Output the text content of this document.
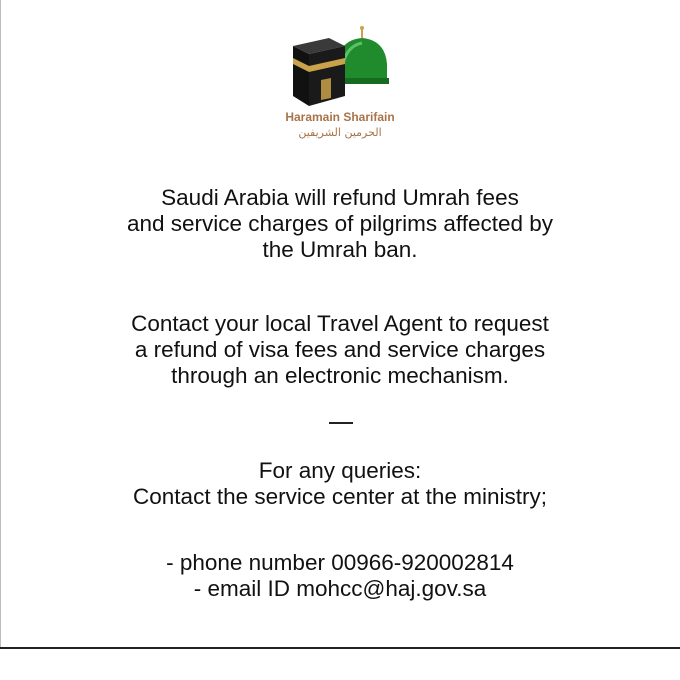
Haramain Sharifain
الحرمين الشريفين
Saudi Arabia will refund Umrah fees
and service charges of pilgrims affected by
the Umrah ban.
Contact your local Travel Agent to request
a refund of visa fees and service charges
through an electronic mechanism.
For any queries:
Contact the service center at the ministry;
- phone number 00966-920002814
- email ID mohcc@haj.gov.sa
